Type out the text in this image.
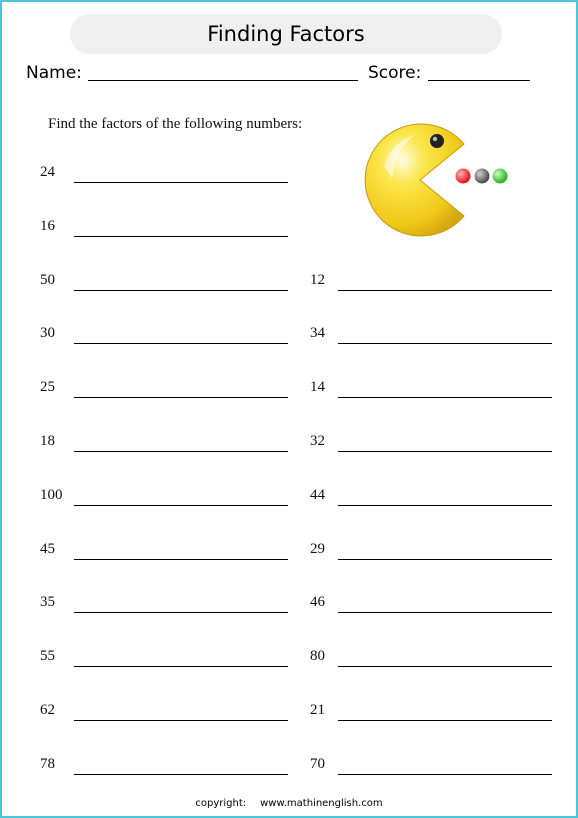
Finding Factors
Name:	Score:
Find the factors of the following numbers:
24
16
50
30
25
18
100
45
35
55
62
78
12
34
14
32
44
29
46
80
21
70
copyright: www.mathinenglish.com
